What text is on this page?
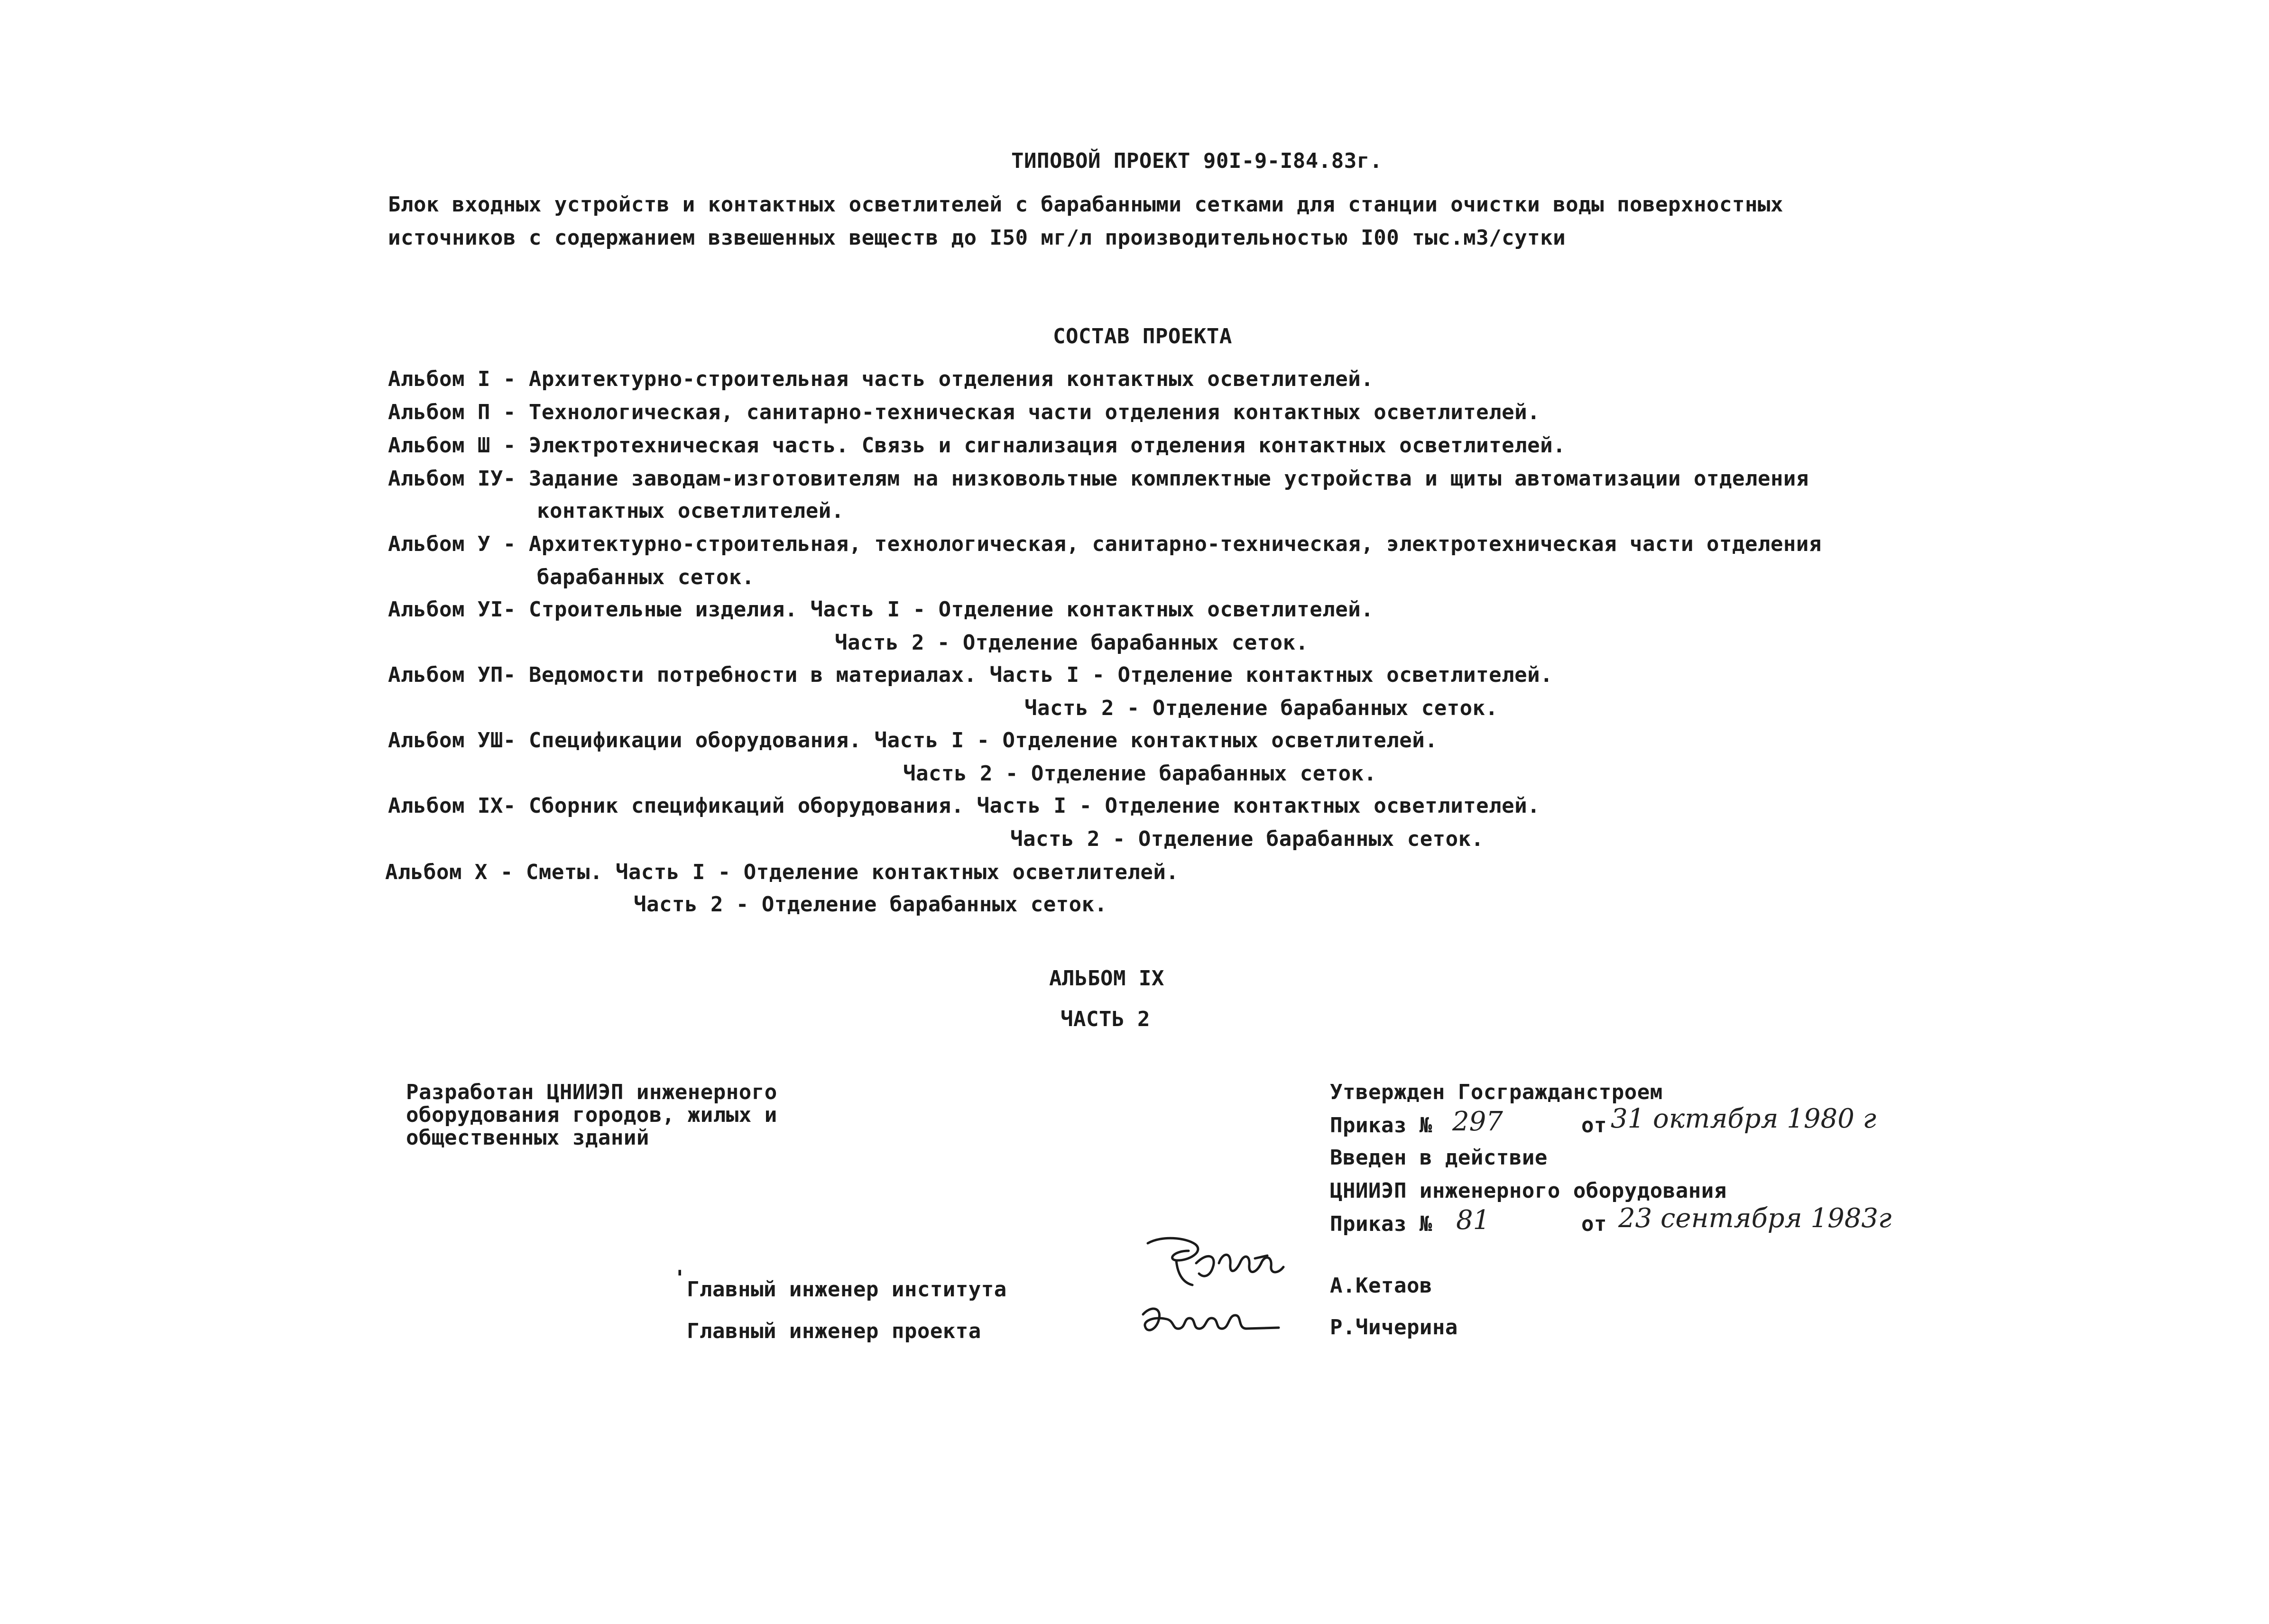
ТИПОВОЙ ПРОЕКТ 90I-9-I84.83г.
Блок входных устройств и контактных осветлителей с барабанными сетками для станции очистки воды поверхностных
источников с содержанием взвешенных веществ до I50 мг/л производительностью I00 тыс.м3/сутки
СОСТАВ ПРОЕКТА
Альбом I - Архитектурно-строительная часть отделения контактных осветлителей.
Альбом П - Технологическая, санитарно-техническая части отделения контактных осветлителей.
Альбом Ш - Электротехническая часть. Связь и сигнализация отделения контактных осветлителей.
Альбом IУ- Задание заводам-изготовителям на низковольтные комплектные устройства и щиты автоматизации отделения
контактных осветлителей.
Альбом У - Архитектурно-строительная, технологическая, санитарно-техническая, электротехническая части отделения
барабанных сеток.
Альбом УI- Строительные изделия. Часть I - Отделение контактных осветлителей.
Часть 2 - Отделение барабанных сеток.
Альбом УП- Ведомости потребности в материалах. Часть I - Отделение контактных осветлителей.
Часть 2 - Отделение барабанных сеток.
Альбом УШ- Спецификации оборудования. Часть I - Отделение контактных осветлителей.
Часть 2 - Отделение барабанных сеток.
Альбом IX- Сборник спецификаций оборудования. Часть I - Отделение контактных осветлителей.
Часть 2 - Отделение барабанных сеток.
Альбом X - Сметы. Часть I - Отделение контактных осветлителей.
Часть 2 - Отделение барабанных сеток.
АЛЬБОМ IX
ЧАСТЬ 2
Разработан ЦНИИЭП инженерного
оборудования городов, жилых и
общественных зданий
Утвержден Госгражданстроем
Приказ № 297	от 31 октября 1980 г
Введен в действие
ЦНИИЭП инженерного оборудования
Приказ № 81	от 23 сентября 1983г
' Главный инженер института
Главный инженер проекта
А.Кетаов
Р.Чичерина
